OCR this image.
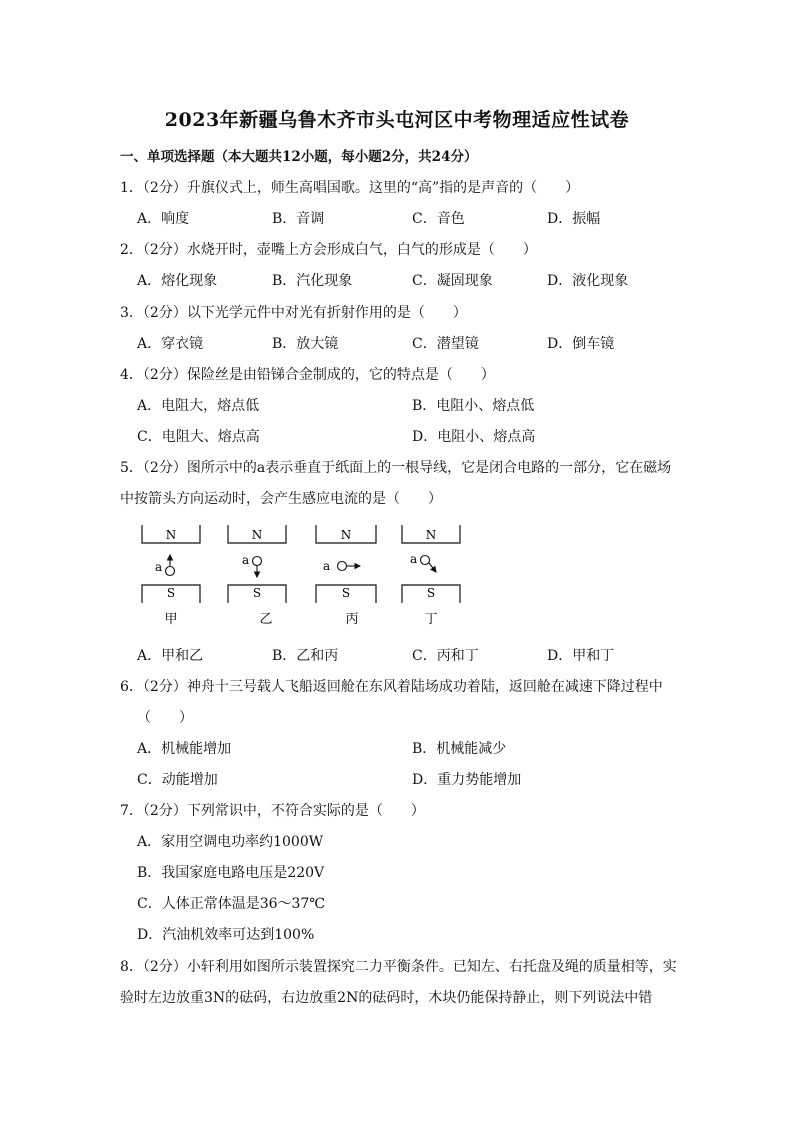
2023年新疆乌鲁木齐市头屯河区中考物理适应性试卷
一、单项选择题（本大题共12小题，每小题2分，共24分）
1．（2分）升旗仪式上，师生高唱国歌。这里的“高”指的是声音的（　　）
A．响度	B．音调	C．音色	D．振幅
2．（2分）水烧开时，壶嘴上方会形成白气，白气的形成是（　　）
A．熔化现象	B．汽化现象	C．凝固现象	D．液化现象
3．（2分）以下光学元件中对光有折射作用的是（　　）
A．穿衣镜	B．放大镜	C．潜望镜	D．倒车镜
4．（2分）保险丝是由铅锑合金制成的，它的特点是（　　）
A．电阻大，熔点低	B．电阻小、熔点低
C．电阻大、熔点高	D．电阻小、熔点高
5．（2分）图所示中的a表示垂直于纸面上的一根导线，它是闭合电路的一部分，它在磁场
中按箭头方向运动时，会产生感应电流的是（　　）
N
S
a
甲
N
S
a
乙
N
S
a
丙
N
S
a
丁
A．甲和乙	B．乙和丙	C．丙和丁	D．甲和丁
6．（2分）神舟十三号载人飞船返回舱在东风着陆场成功着陆，返回舱在减速下降过程中
（　　）
A．机械能增加	B．机械能减少
C．动能增加	D．重力势能增加
7．（2分）下列常识中，不符合实际的是（　　）
A．家用空调电功率约1000W
B．我国家庭电路电压是220V
C．人体正常体温是36～37℃
D．汽油机效率可达到100%
8．（2分）小轩利用如图所示装置探究二力平衡条件。已知左、右托盘及绳的质量相等，实
验时左边放重3N的砝码，右边放重2N的砝码时，木块仍能保持静止，则下列说法中错
